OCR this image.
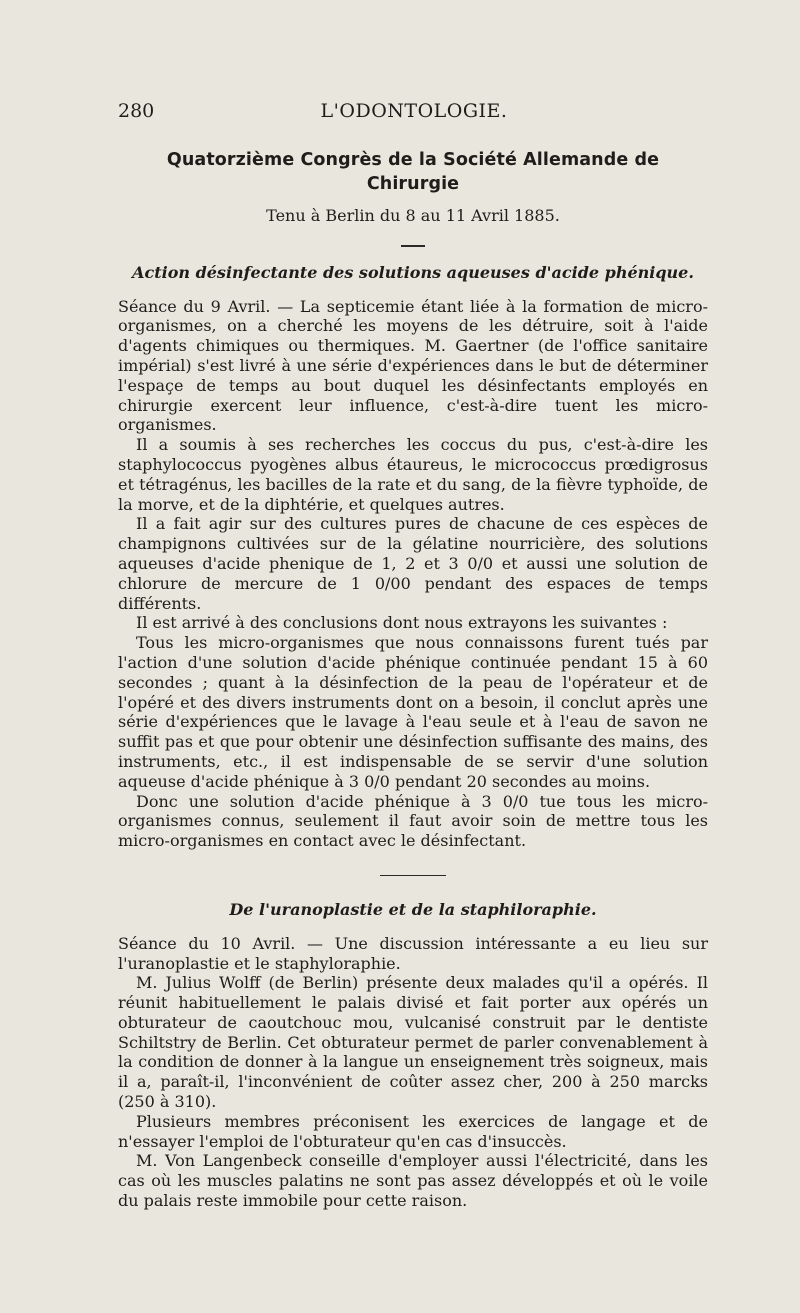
280	L'ODONTOLOGIE.
Quatorzième Congrès de la Société Allemande de Chirurgie
Tenu à Berlin du 8 au 11 Avril 1885.
Action désinfectante des solutions aqueuses d'acide phénique.

Séance du 9 Avril. — La septicemie étant liée à la formation de micro-organismes, on a cherché les moyens de les détruire, soit à l'aide d'agents chimiques ou thermiques. M. Gaertner (de l'office sanitaire impérial) s'est livré à une série d'expériences dans le but de déterminer l'espaçe de temps au bout duquel les désinfectants employés en chirurgie exercent leur influence, c'est-à-dire tuent les micro-organismes.

Il a soumis à ses recherches les coccus du pus, c'est-à-dire les staphylococcus pyogènes albus étaureus, le micrococcus prœdigrosus et tétragénus, les bacilles de la rate et du sang, de la fièvre typhoïde, de la morve, et de la diphtérie, et quelques autres.

Il a fait agir sur des cultures pures de chacune de ces espèces de champignons cultivées sur de la gélatine nourricière, des solutions aqueuses d'acide phenique de 1, 2 et 3 0/0 et aussi une solution de chlorure de mercure de 1 0/00 pendant des espaces de temps différents.

Il est arrivé à des conclusions dont nous extrayons les suivantes :

Tous les micro-organismes que nous connaissons furent tués par l'action d'une solution d'acide phénique continuée pendant 15 à 60 secondes ; quant à la désinfection de la peau de l'opérateur et de l'opéré et des divers instruments dont on a besoin, il conclut après une série d'expériences que le lavage à l'eau seule et à l'eau de savon ne suffit pas et que pour obtenir une désinfection suffisante des mains, des instruments, etc., il est indispensable de se servir d'une solution aqueuse d'acide phénique à 3 0/0 pendant 20 secondes au moins.

Donc une solution d'acide phénique à 3 0/0 tue tous les micro-organismes connus, seulement il faut avoir soin de mettre tous les micro-organismes en contact avec le désinfectant.

De l'uranoplastie et de la staphiloraphie.

Séance du 10 Avril. — Une discussion intéressante a eu lieu sur l'uranoplastie et le staphyloraphie.

M. Julius Wolff (de Berlin) présente deux malades qu'il a opérés. Il réunit habituellement le palais divisé et fait porter aux opérés un obturateur de caoutchouc mou, vulcanisé construit par le dentiste Schiltstry de Berlin. Cet obturateur permet de parler convenablement à la condition de donner à la langue un enseignement très soigneux, mais il a, paraît-il, l'inconvénient de coûter assez cher, 200 à 250 marcks (250 à 310).

Plusieurs membres préconisent les exercices de langage et de n'essayer l'emploi de l'obturateur qu'en cas d'insuccès.

M. Von Langenbeck conseille d'employer aussi l'électricité, dans les cas où les muscles palatins ne sont pas assez développés et où le voile du palais reste immobile pour cette raison.
